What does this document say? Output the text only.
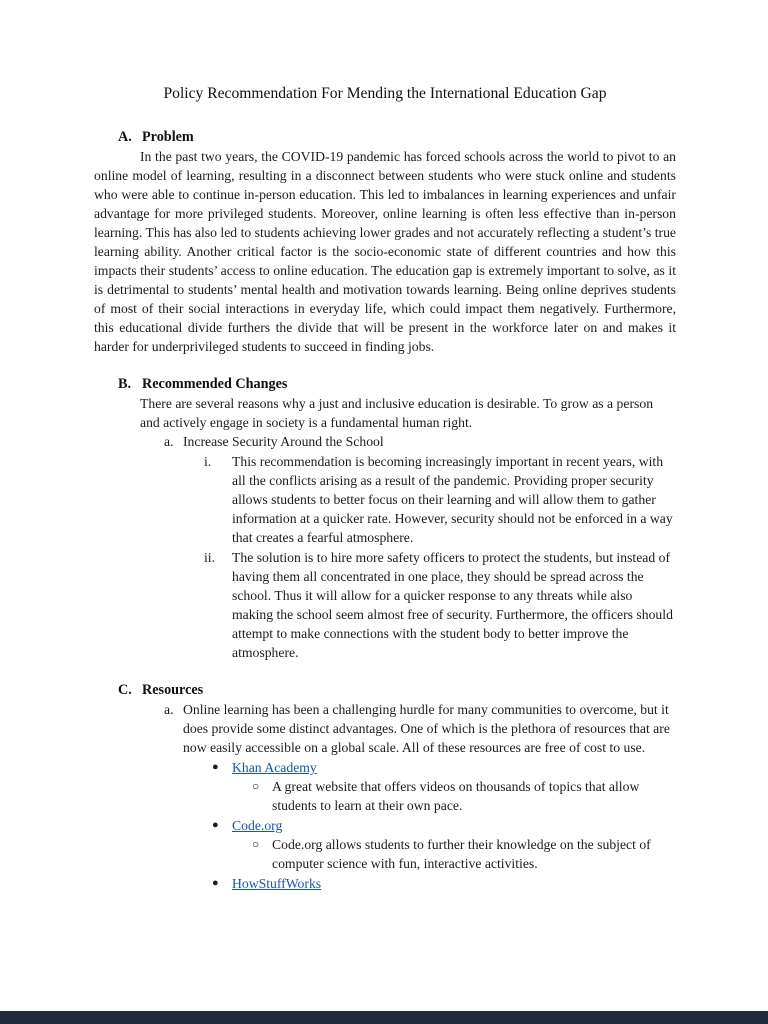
Policy Recommendation For Mending the International Education Gap
A. Problem
In the past two years, the COVID-19 pandemic has forced schools across the world to pivot to an online model of learning, resulting in a disconnect between students who were stuck online and students who were able to continue in-person education. This led to imbalances in learning experiences and unfair advantage for more privileged students. Moreover, online learning is often less effective than in-person learning. This has also led to students achieving lower grades and not accurately reflecting a student’s true learning ability. Another critical factor is the socio-economic state of different countries and how this impacts their students’ access to online education. The education gap is extremely important to solve, as it is detrimental to students’ mental health and motivation towards learning. Being online deprives students of most of their social interactions in everyday life, which could impact them negatively. Furthermore, this educational divide furthers the divide that will be present in the workforce later on and makes it harder for underprivileged students to succeed in finding jobs.
B. Recommended Changes
There are several reasons why a just and inclusive education is desirable. To grow as a person and actively engage in society is a fundamental human right.
a. Increase Security Around the School
i.	This recommendation is becoming increasingly important in recent years, with all the conflicts arising as a result of the pandemic. Providing proper security allows students to better focus on their learning and will allow them to gather information at a quicker rate. However, security should not be enforced in a way that creates a fearful atmosphere.
ii.	The solution is to hire more safety officers to protect the students, but instead of having them all concentrated in one place, they should be spread across the school. Thus it will allow for a quicker response to any threats while also making the school seem almost free of security. Furthermore, the officers should attempt to make connections with the student body to better improve the atmosphere.
C. Resources
a. Online learning has been a challenging hurdle for many communities to overcome, but it does provide some distinct advantages. One of which is the plethora of resources that are now easily accessible on a global scale. All of these resources are free of cost to use.
● Khan Academy
○ A great website that offers videos on thousands of topics that allow students to learn at their own pace.
● Code.org
○ Code.org allows students to further their knowledge on the subject of computer science with fun, interactive activities.
● HowStuffWorks
